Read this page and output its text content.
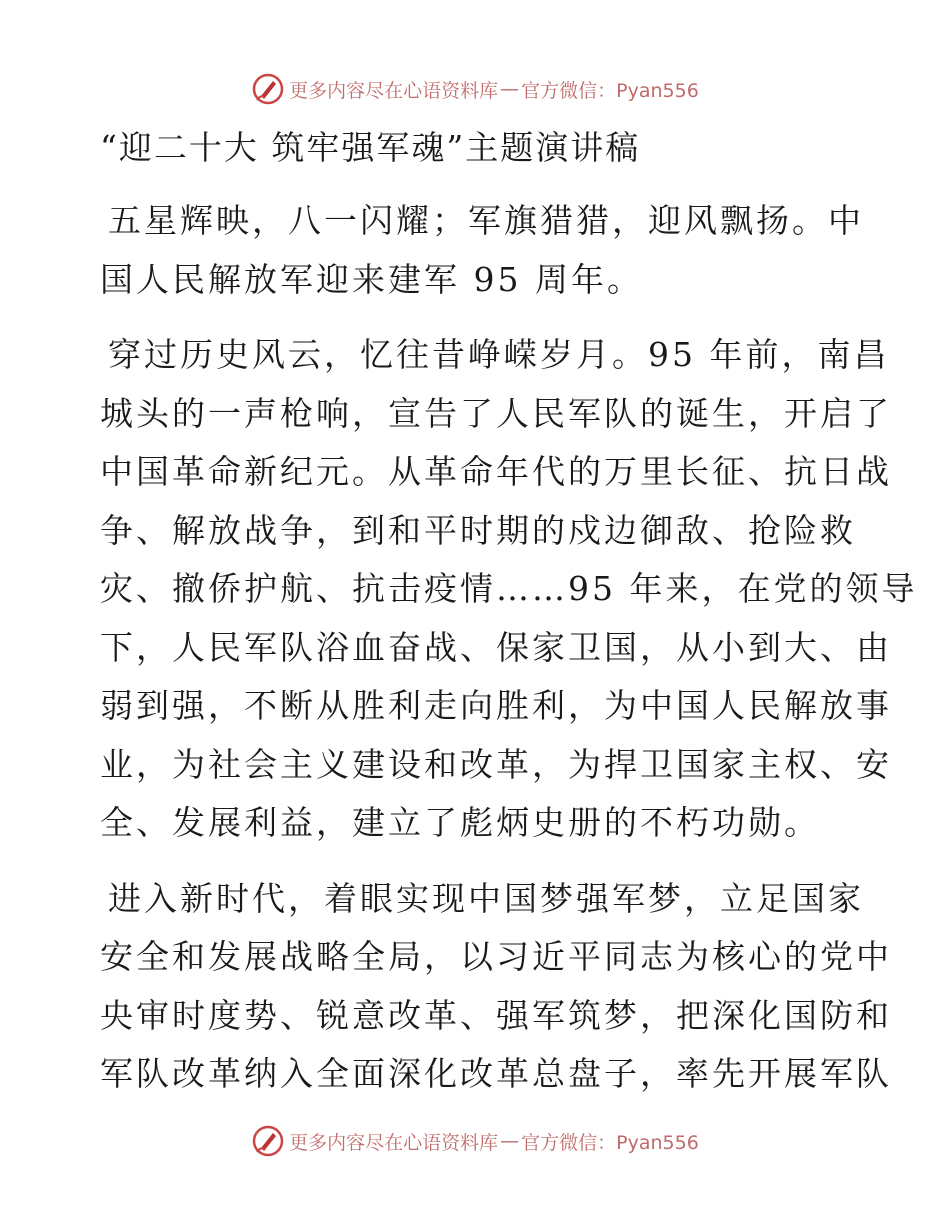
更多内容尽在心语资料库 — 官方微信：Pyan556
“迎二十大 筑牢强军魂”主题演讲稿
五星辉映，八一闪耀；军旗猎猎，迎风飘扬。中
国人民解放军迎来建军 95 周年。
穿过历史风云，忆往昔峥嵘岁月。95 年前，南昌
城头的一声枪响，宣告了人民军队的诞生，开启了
中国革命新纪元。从革命年代的万里长征、抗日战
争、解放战争，到和平时期的戍边御敌、抢险救
灾、撤侨护航、抗击疫情……95 年来，在党的领导
下，人民军队浴血奋战、保家卫国，从小到大、由
弱到强，不断从胜利走向胜利，为中国人民解放事
业，为社会主义建设和改革，为捍卫国家主权、安
全、发展利益，建立了彪炳史册的不朽功勋。
进入新时代，着眼实现中国梦强军梦，立足国家
安全和发展战略全局，以习近平同志为核心的党中
央审时度势、锐意改革、强军筑梦，把深化国防和
军队改革纳入全面深化改革总盘子，率先开展军队
更多内容尽在心语资料库 — 官方微信：Pyan556
